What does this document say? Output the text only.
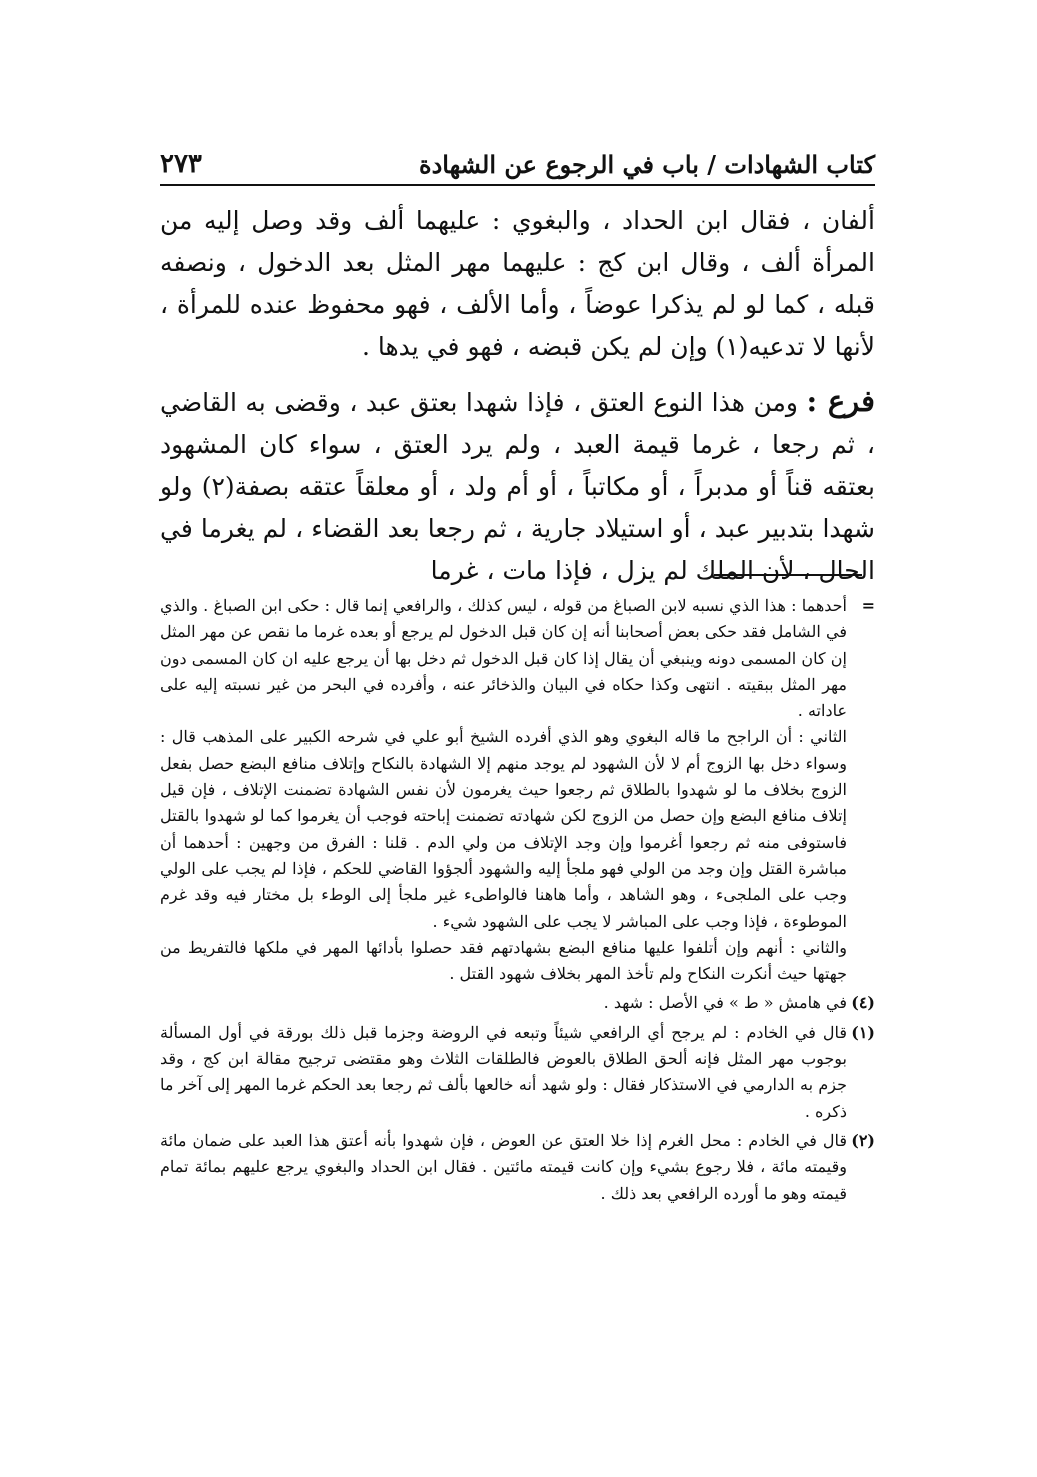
كتاب الشهادات / باب في الرجوع عن الشهادة
٢٧٣

ألفان ، فقال ابن الحداد ، والبغوي : عليهما ألف وقد وصل إليه من المرأة ألف ، وقال ابن كج : عليهما مهر المثل بعد الدخول ، ونصفه قبله ، كما لو لم يذكرا عوضاً ، وأما الألف ، فهو محفوظ عنده للمرأة ، لأنها لا تدعيه(١) وإن لم يكن قبضه ، فهو في يدها .

فرع : ومن هذا النوع العتق ، فإذا شهدا بعتق عبد ، وقضى به القاضي ، ثم رجعا ، غرما قيمة العبد ، ولم يرد العتق ، سواء كان المشهود بعتقه قناً أو مدبراً ، أو مكاتباً ، أو أم ولد ، أو معلقاً عتقه بصفة(٢) ولو شهدا بتدبير عبد ، أو استيلاد جارية ، ثم رجعا بعد القضاء ، لم يغرما في الحال ، لأن الملك لم يزل ، فإذا مات ، غرما

=
أحدهما : هذا الذي نسبه لابن الصباغ من قوله ، ليس كذلك ، والرافعي إنما قال : حكى ابن الصباغ . والذي في الشامل فقد حكى بعض أصحابنا أنه إن كان قبل الدخول لم يرجع أو بعده غرما ما نقص عن مهر المثل إن كان المسمى دونه وينبغي أن يقال إذا كان قبل الدخول ثم دخل بها أن يرجع عليه ان كان المسمى دون مهر المثل ببقيته . انتهى وكذا حكاه في البيان والذخائر عنه ، وأفرده في البحر من غير نسبته إليه على عاداته .
الثاني : أن الراجح ما قاله البغوي وهو الذي أفرده الشيخ أبو علي في شرحه الكبير على المذهب قال : وسواء دخل بها الزوج أم لا لأن الشهود لم يوجد منهم إلا الشهادة بالنكاح وإتلاف منافع البضع حصل بفعل الزوج بخلاف ما لو شهدوا بالطلاق ثم رجعوا حيث يغرمون لأن نفس الشهادة تضمنت الإتلاف ، فإن قيل إتلاف منافع البضع وإن حصل من الزوج لكن شهادته تضمنت إباحته فوجب أن يغرموا كما لو شهدوا بالقتل فاستوفى منه ثم رجعوا أغرموا وإن وجد الإتلاف من ولي الدم . قلنا : الفرق من وجهين : أحدهما أن مباشرة القتل وإن وجد من الولي فهو ملجأ إليه والشهود ألجؤوا القاضي للحكم ، فإذا لم يجب على الولي وجب على الملجىء ، وهو الشاهد ، وأما هاهنا فالواطىء غير ملجأ إلى الوطء بل مختار فيه وقد غرم الموطوءة ، فإذا وجب على المباشر لا يجب على الشهود شيء .
والثاني : أنهم وإن أتلفوا عليها منافع البضع بشهادتهم فقد حصلوا بأدائها المهر في ملكها فالتفريط من جهتها حيث أنكرت النكاح ولم تأخذ المهر بخلاف شهود القتل .
(٤)
في هامش « ط » في الأصل : شهد .
(١)
قال في الخادم : لم يرجح أي الرافعي شيئاً وتبعه في الروضة وجزما قبل ذلك بورقة في أول المسألة بوجوب مهر المثل فإنه ألحق الطلاق بالعوض فالطلقات الثلاث وهو مقتضى ترجيح مقالة ابن كج ، وقد جزم به الدارمي في الاستذكار فقال : ولو شهد أنه خالعها بألف ثم رجعا بعد الحكم غرما المهر إلى آخر ما ذكره .
(٢)
قال في الخادم : محل الغرم إذا خلا العتق عن العوض ، فإن شهدوا بأنه أعتق هذا العبد على ضمان مائة وقيمته مائة ، فلا رجوع بشيء وإن كانت قيمته مائتين . فقال ابن الحداد والبغوي يرجع عليهم بمائة تمام قيمته وهو ما أورده الرافعي بعد ذلك .
